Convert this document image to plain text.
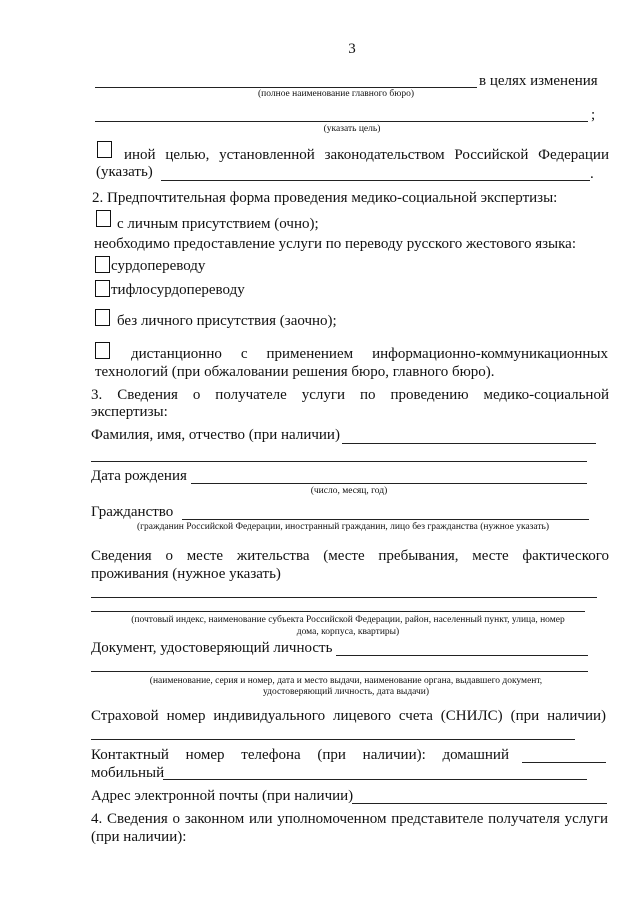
3
в целях изменения
(полное наименование главного бюро)
;
(указать цель)
иной целью, установленной законодательством Российской Федерации
(указать)	.
2. Предпочтительная форма проведения медико-социальной экспертизы:
с личным присутствием (очно);
необходимо предоставление услуги по переводу русского жестового языка:
сурдопереводу
тифлосурдопереводу
без личного присутствия (заочно);
дистанционно с применением информационно-коммуникационных
технологий (при обжаловании решения бюро, главного бюро).
3. Сведения о получателе услуги по проведению медико-социальной
экспертизы:
Фамилия, имя, отчество (при наличии)
Дата рождения
(число, месяц, год)
Гражданство
(гражданин Российской Федерации, иностранный гражданин, лицо без гражданства (нужное указать)
Сведения о месте жительства (месте пребывания, месте фактического
проживания (нужное указать)
(почтовый индекс, наименование субъекта Российской Федерации, район, населенный пункт, улица, номер
дома, корпуса, квартиры)
Документ, удостоверяющий личность
(наименование, серия и номер, дата и место выдачи, наименование органа, выдавшего документ,
удостоверяющий личность, дата выдачи)
Страховой номер индивидуального лицевого счета (СНИЛС) (при наличии)
Контактный номер телефона (при наличии): домашний
мобильный
Адрес электронной почты (при наличии)
4. Сведения о законном или уполномоченном представителе получателя услуги
(при наличии):
